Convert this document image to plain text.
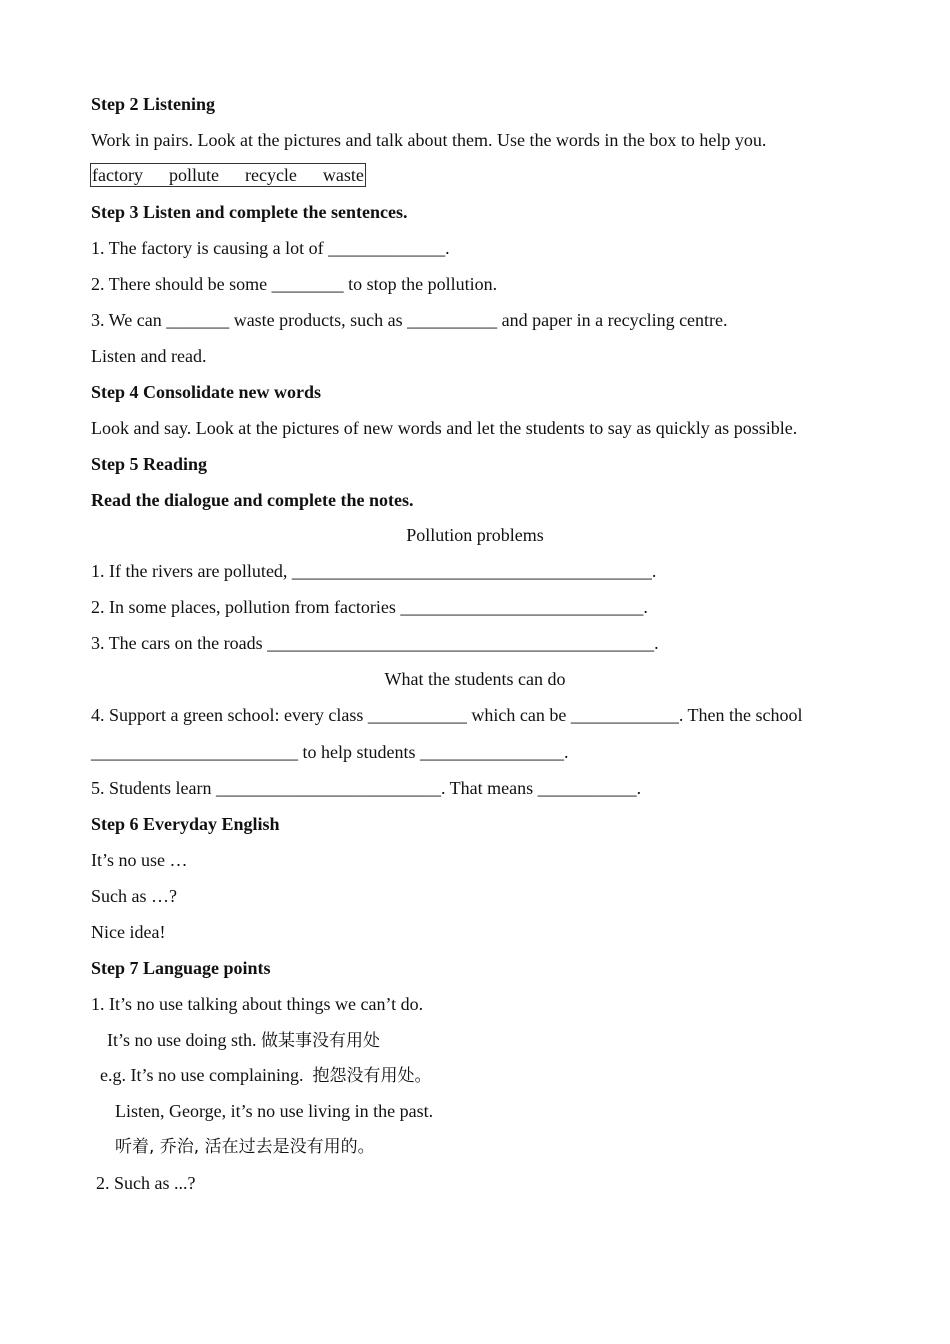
Step 2 Listening
Work in pairs. Look at the pictures and talk about them. Use the words in the box to help you.
factory pollute recycle waste
Step 3 Listen and complete the sentences.
1. The factory is causing a lot of _____________.
2. There should be some ________ to stop the pollution.
3. We can _______ waste products, such as __________ and paper in a recycling centre.
Listen and read.
Step 4 Consolidate new words
Look and say. Look at the pictures of new words and let the students to say as quickly as possible.
Step 5 Reading
Read the dialogue and complete the notes.
Pollution problems
1. If the rivers are polluted, ________________________________________.
2. In some places, pollution from factories ___________________________.
3. The cars on the roads ___________________________________________.
What the students can do
4. Support a green school: every class ___________ which can be ____________. Then the school
_______________________ to help students ________________.
5. Students learn _________________________. That means ___________.
Step 6 Everyday English
It’s no use …
Such as …?
Nice idea!
Step 7 Language points
1. It’s no use talking about things we can’t do.
It’s no use doing sth. 做某事没有用处
e.g. It’s no use complaining. 抱怨没有用处。
Listen, George, it’s no use living in the past.
听着, 乔治, 活在过去是没有用的。
2. Such as ...?
